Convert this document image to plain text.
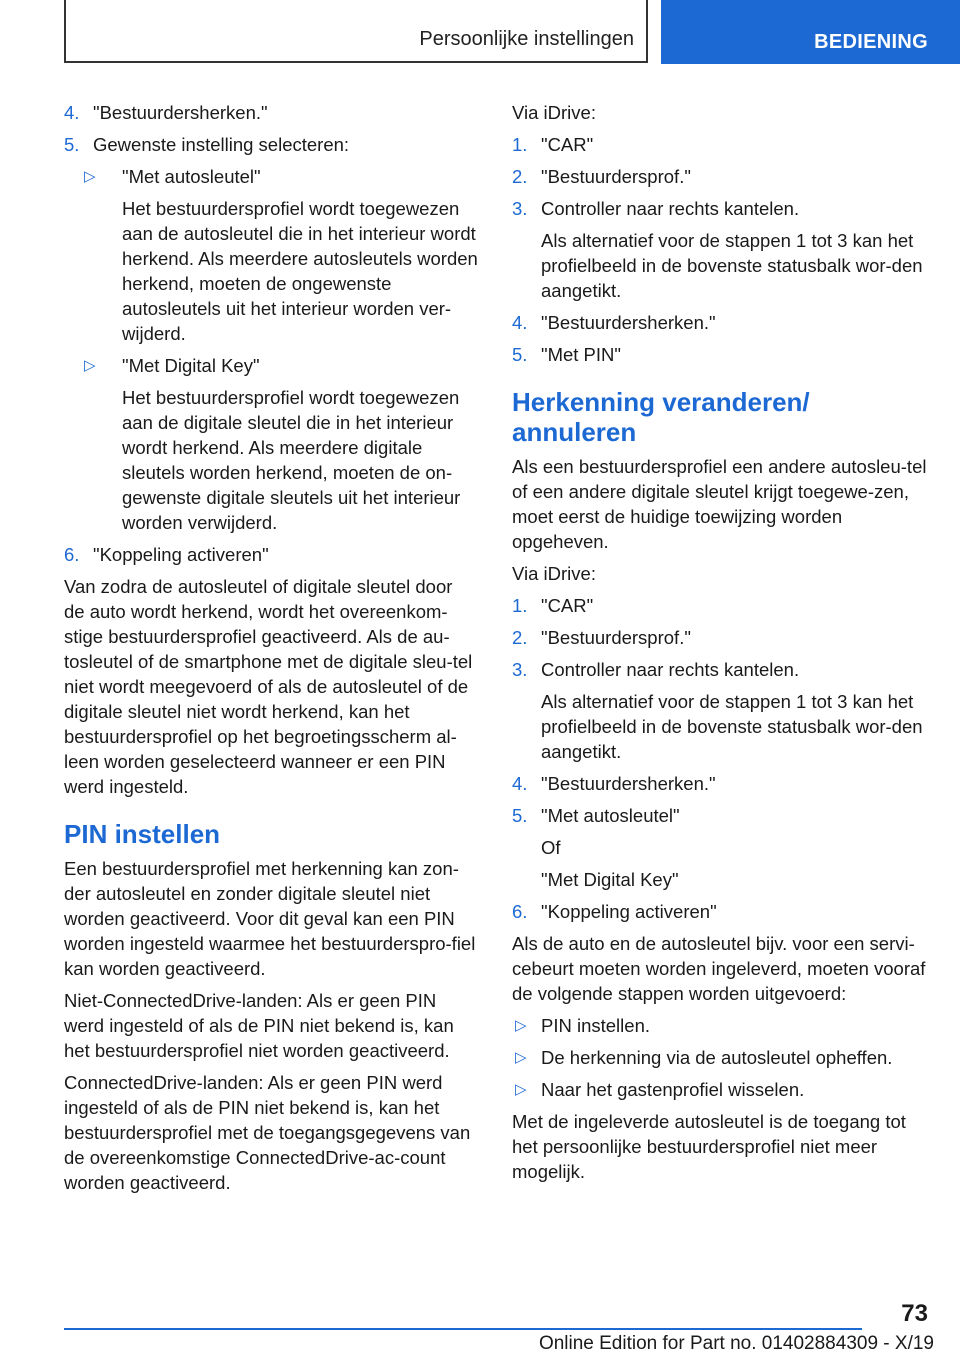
Persoonlijke instellingen	BEDIENING
4. "Bestuurdersherken."
5. Gewenste instelling selecteren:
▷ "Met autosleutel"
Het bestuurdersprofiel wordt toegewezen aan de autosleutel die in het interieur wordt herkend. Als meerdere autosleutels worden herkend, moeten de ongewenste autosleutels uit het interieur worden ver-wijderd.
▷ "Met Digital Key"
Het bestuurdersprofiel wordt toegewezen aan de digitale sleutel die in het interieur wordt herkend. Als meerdere digitale sleutels worden herkend, moeten de on-gewenste digitale sleutels uit het interieur worden verwijderd.
6. "Koppeling activeren"

Van zodra de autosleutel of digitale sleutel door de auto wordt herkend, wordt het overeenkom-stige bestuurdersprofiel geactiveerd. Als de au-tosleutel of de smartphone met de digitale sleu-tel niet wordt meegevoerd of als de autosleutel of de digitale sleutel niet wordt herkend, kan het bestuurdersprofiel op het begroetingsscherm al-leen worden geselecteerd wanneer er een PIN werd ingesteld.

PIN instellen

Een bestuurdersprofiel met herkenning kan zon-der autosleutel en zonder digitale sleutel niet worden geactiveerd. Voor dit geval kan een PIN worden ingesteld waarmee het bestuurderspro-fiel kan worden geactiveerd.

Niet-ConnectedDrive-landen: Als er geen PIN werd ingesteld of als de PIN niet bekend is, kan het bestuurdersprofiel niet worden geactiveerd.

ConnectedDrive-landen: Als er geen PIN werd ingesteld of als de PIN niet bekend is, kan het bestuurdersprofiel met de toegangsgegevens van de overeenkomstige ConnectedDrive-ac-count worden geactiveerd.

Via iDrive:

1. "CAR"
2. "Bestuurdersprof."
3. Controller naar rechts kantelen.
Als alternatief voor de stappen 1 tot 3 kan het profielbeeld in de bovenste statusbalk wor-den aangetikt.
4. "Bestuurdersherken."
5. "Met PIN"
Herkenning veranderen/ annuleren

Als een bestuurdersprofiel een andere autosleu-tel of een andere digitale sleutel krijgt toegewe-zen, moet eerst de huidige toewijzing worden opgeheven.

Via iDrive:

1. "CAR"
2. "Bestuurdersprof."
3. Controller naar rechts kantelen.
Als alternatief voor de stappen 1 tot 3 kan het profielbeeld in de bovenste statusbalk wor-den aangetikt.
4. "Bestuurdersherken."
5. "Met autosleutel"
Of
"Met Digital Key"
6. "Koppeling activeren"

Als de auto en de autosleutel bijv. voor een servi-cebeurt moeten worden ingeleverd, moeten vooraf de volgende stappen worden uitgevoerd:

▷ PIN instellen.
▷ De herkenning via de autosleutel opheffen.
▷ Naar het gastenprofiel wisselen.

Met de ingeleverde autosleutel is de toegang tot het persoonlijke bestuurdersprofiel niet meer mogelijk.

73
Online Edition for Part no. 01402884309 - X/19
